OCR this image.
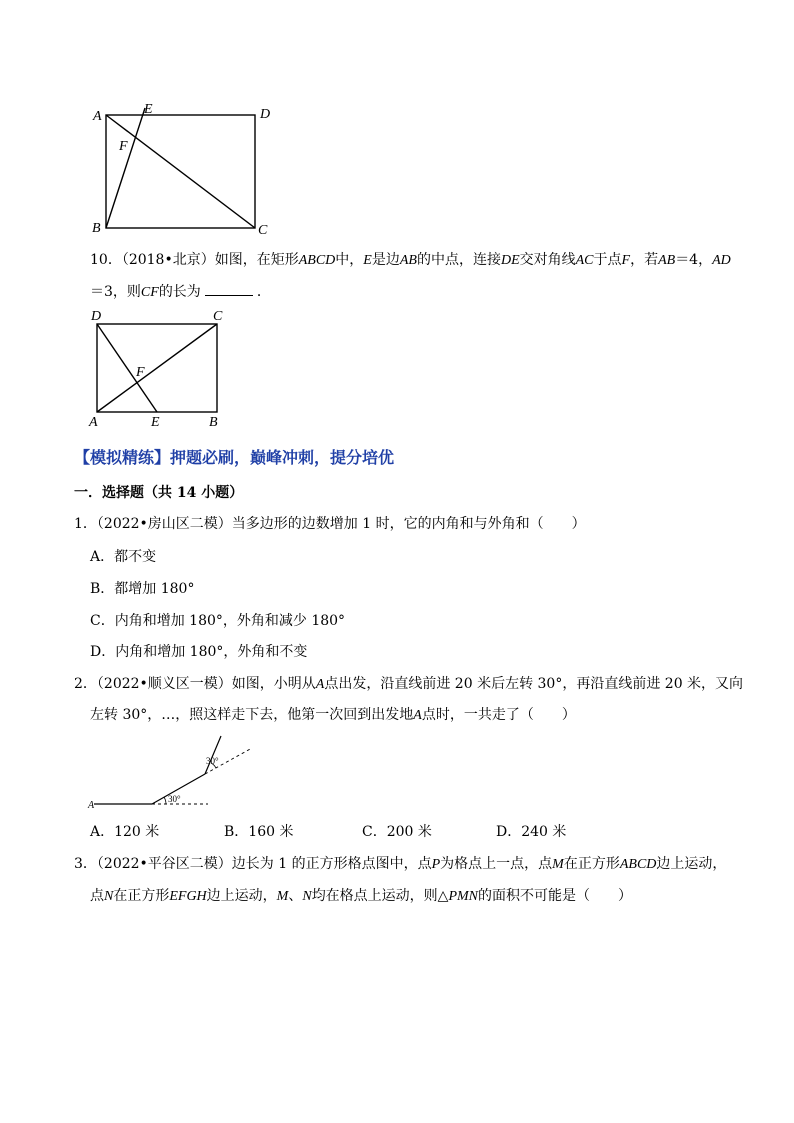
A	E	D
F
B	C
10．（2018•北京）如图，在矩形ABCD中，E是边AB的中点，连接DE交对角线AC于点F，若AB＝4，AD
＝3，则CF的长为	．
D	C
F
A	E	B
【模拟精练】押题必刷，巅峰冲刺，提分培优
一．选择题（共 14 小题）
1．（2022•房山区二模）当多边形的边数增加 1 时，它的内角和与外角和（　　）
A．都不变
B．都增加 180°
C．内角和增加 180°，外角和减少 180°
D．内角和增加 180°，外角和不变
2．（2022•顺义区一模）如图，小明从A点出发，沿直线前进 20 米后左转 30°，再沿直线前进 20 米，又向
左转 30°，…，照这样走下去，他第一次回到出发地A点时，一共走了（　　）
A
30°
30°
A．120 米	B．160 米	C．200 米	D．240 米
3．（2022•平谷区二模）边长为 1 的正方形格点图中，点P为格点上一点，点M在正方形ABCD边上运动，
点N在正方形EFGH边上运动，M、N均在格点上运动，则△PMN的面积不可能是（　　）
